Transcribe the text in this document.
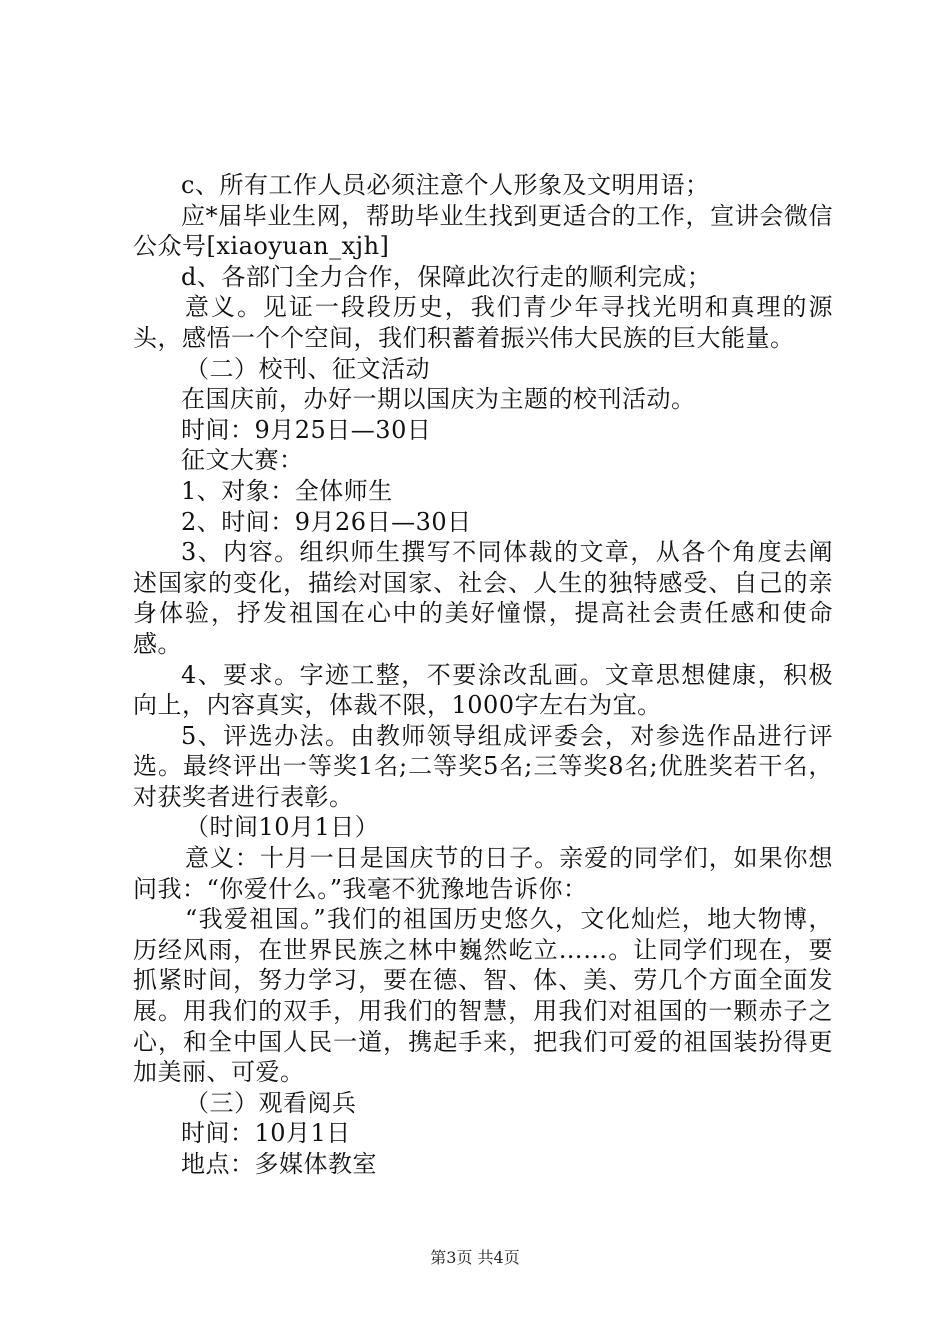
c、所有工作人员必须注意个人形象及文明用语；

应*届毕业生网，帮助毕业生找到更适合的工作，宣讲会微信公众号[xiaoyuan_xjh]

d、各部门全力合作，保障此次行走的顺利完成；

意义。见证一段段历史，我们青少年寻找光明和真理的源头，感悟一个个空间，我们积蓄着振兴伟大民族的巨大能量。

（二）校刊、征文活动

在国庆前，办好一期以国庆为主题的校刊活动。

时间：9月25日—30日

征文大赛：

1、对象：全体师生

2、时间：9月26日—30日

3、内容。组织师生撰写不同体裁的文章，从各个角度去阐述国家的变化，描绘对国家、社会、人生的独特感受、自己的亲身体验，抒发祖国在心中的美好憧憬，提高社会责任感和使命感。

4、要求。字迹工整，不要涂改乱画。文章思想健康，积极向上，内容真实，体裁不限，1000字左右为宜。

5、评选办法。由教师领导组成评委会，对参选作品进行评选。最终评出一等奖1名;二等奖5名;三等奖8名;优胜奖若干名，对获奖者进行表彰。

（时间10月1日）

意义：十月一日是国庆节的日子。亲爱的同学们，如果你想问我：“你爱什么。”我毫不犹豫地告诉你：

“我爱祖国。”我们的祖国历史悠久，文化灿烂，地大物博，历经风雨，在世界民族之林中巍然屹立……。让同学们现在，要抓紧时间，努力学习，要在德、智、体、美、劳几个方面全面发展。用我们的双手，用我们的智慧，用我们对祖国的一颗赤子之心，和全中国人民一道，携起手来，把我们可爱的祖国装扮得更加美丽、可爱。

（三）观看阅兵

时间：10月1日

地点：多媒体教室

第3页 共4页
